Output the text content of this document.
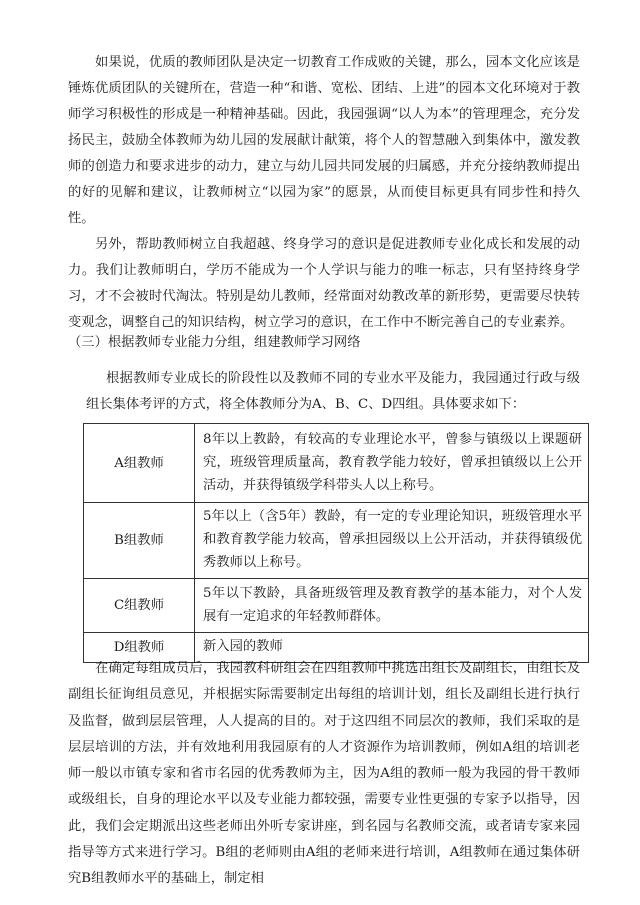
如果说，优质的教师团队是决定一切教育工作成败的关键，那么，园本文化应该是锤炼优质团队的关键所在，营造一种“和谐、宽松、团结、上进”的园本文化环境对于教师学习积极性的形成是一种精神基础。因此，我园强调“以人为本”的管理理念，充分发扬民主，鼓励全体教师为幼儿园的发展献计献策，将个人的智慧融入到集体中，激发教师的创造力和要求进步的动力，建立与幼儿园共同发展的归属感，并充分接纳教师提出的好的见解和建议，让教师树立“以园为家”的愿景，从而使目标更具有同步性和持久性。

另外，帮助教师树立自我超越、终身学习的意识是促进教师专业化成长和发展的动力。我们让教师明白，学历不能成为一个人学识与能力的唯一标志，只有坚持终身学习，才不会被时代淘汰。特别是幼儿教师，经常面对幼教改革的新形势，更需要尽快转变观念，调整自己的知识结构，树立学习的意识，在工作中不断完善自己的专业素养。

（三）根据教师专业能力分组，组建教师学习网络

根据教师专业成长的阶段性以及教师不同的专业水平及能力，我园通过行政与级组长集体考评的方式，将全体教师分为A、B、C、D四组。具体要求如下：

A组教师	8年以上教龄，有较高的专业理论水平，曾参与镇级以上课题研究，班级管理质量高，教育教学能力较好，曾承担镇级以上公开活动，并获得镇级学科带头人以上称号。
B组教师	5年以上（含5年）教龄，有一定的专业理论知识，班级管理水平和教育教学能力较高，曾承担园级以上公开活动，并获得镇级优秀教师以上称号。
C组教师	5年以下教龄，具备班级管理及教育教学的基本能力，对个人发展有一定追求的年轻教师群体。
D组教师	新入园的教师

在确定每组成员后，我园教科研组会在四组教师中挑选出组长及副组长，由组长及副组长征询组员意见，并根据实际需要制定出每组的培训计划，组长及副组长进行执行及监督，做到层层管理，人人提高的目的。对于这四组不同层次的教师，我们采取的是层层培训的方法，并有效地利用我园原有的人才资源作为培训教师，例如A组的培训老师一般以市镇专家和省市名园的优秀教师为主，因为A组的教师一般为我园的骨干教师或级组长，自身的理论水平以及专业能力都较强，需要专业性更强的专家予以指导，因此，我们会定期派出这些老师出外听专家讲座，到名园与名教师交流，或者请专家来园指导等方式来进行学习。B组的老师则由A组的老师来进行培训，A组教师在通过集体研究B组教师水平的基础上，制定相
